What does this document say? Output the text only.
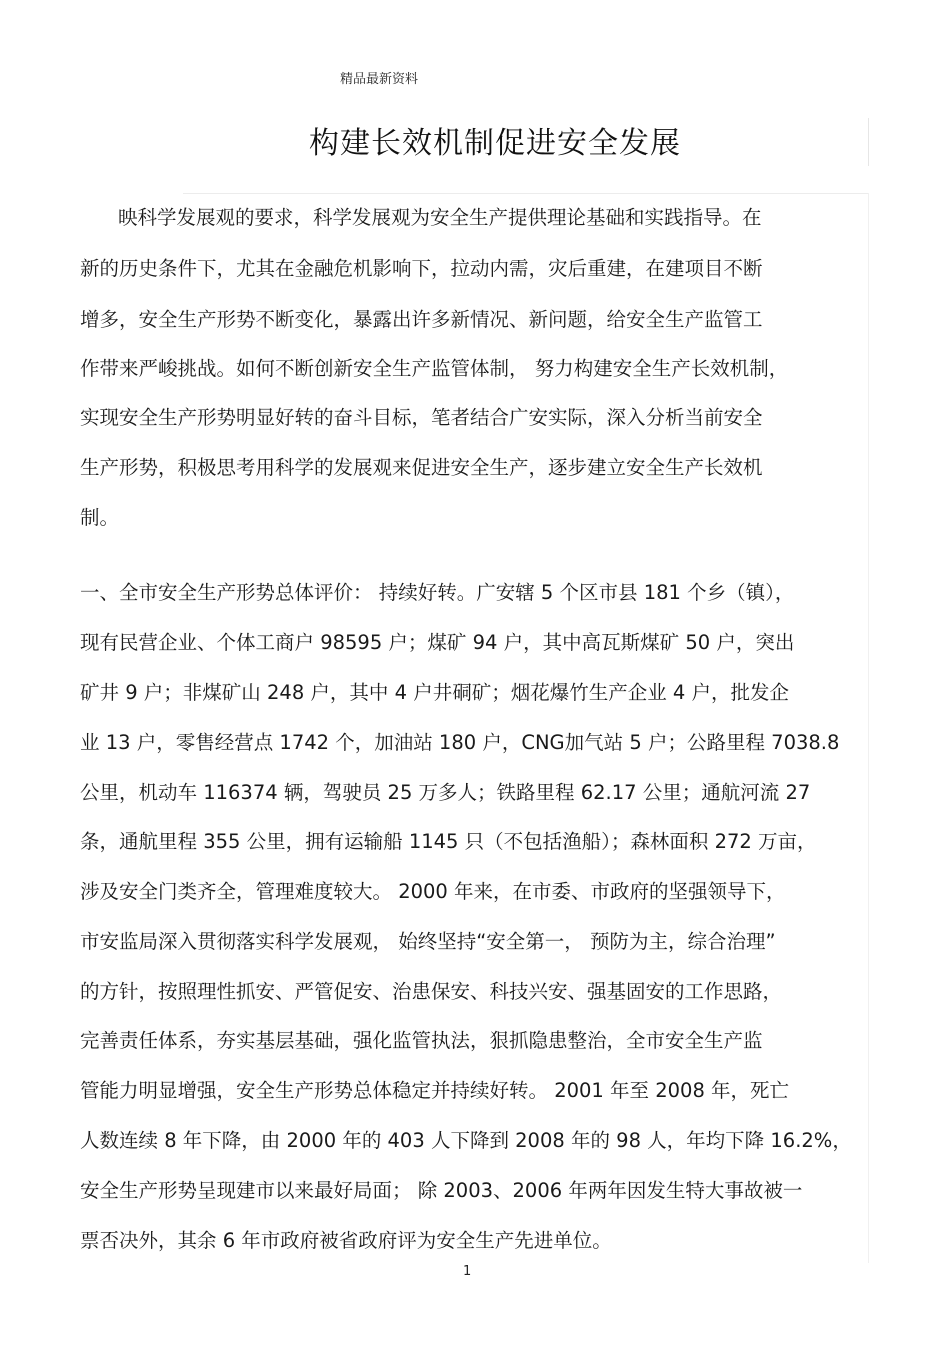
精品最新资料
构建长效机制促进安全发展
映科学发展观的要求，科学发展观为安全生产提供理论基础和实践指导。在
新的历史条件下，尤其在金融危机影响下，拉动内需，灾后重建，在建项目不断
增多，安全生产形势不断变化，暴露出许多新情况、新问题，给安全生产监管工
作带来严峻挑战。如何不断创新安全生产监管体制， 努力构建安全生产长效机制，
实现安全生产形势明显好转的奋斗目标，笔者结合广安实际，深入分析当前安全
生产形势，积极思考用科学的发展观来促进安全生产，逐步建立安全生产长效机
制。
一、全市安全生产形势总体评价： 持续好转。广安辖 5 个区市县 181 个乡（镇），
现有民营企业、个体工商户 98595 户；煤矿 94 户，其中高瓦斯煤矿 50 户，突出
矿井 9 户；非煤矿山 248 户，其中 4 户井硐矿；烟花爆竹生产企业 4 户，批发企
业 13 户，零售经营点 1742 个，加油站 180 户，CNG加气站 5 户；公路里程 7038.8
公里，机动车 116374 辆，驾驶员 25 万多人；铁路里程 62.17 公里；通航河流 27
条，通航里程 355 公里，拥有运输船 1145 只（不包括渔船）；森林面积 272 万亩，
涉及安全门类齐全，管理难度较大。 2000 年来，在市委、市政府的坚强领导下，
市安监局深入贯彻落实科学发展观， 始终坚持“安全第一， 预防为主，综合治理”
的方针，按照理性抓安、严管促安、治患保安、科技兴安、强基固安的工作思路，
完善责任体系，夯实基层基础，强化监管执法，狠抓隐患整治，全市安全生产监
管能力明显增强，安全生产形势总体稳定并持续好转。 2001 年至 2008 年，死亡
人数连续 8 年下降，由 2000 年的 403 人下降到 2008 年的 98 人，年均下降 16.2%，
安全生产形势呈现建市以来最好局面； 除 2003、2006 年两年因发生特大事故被一
票否决外，其余 6 年市政府被省政府评为安全生产先进单位。
1
